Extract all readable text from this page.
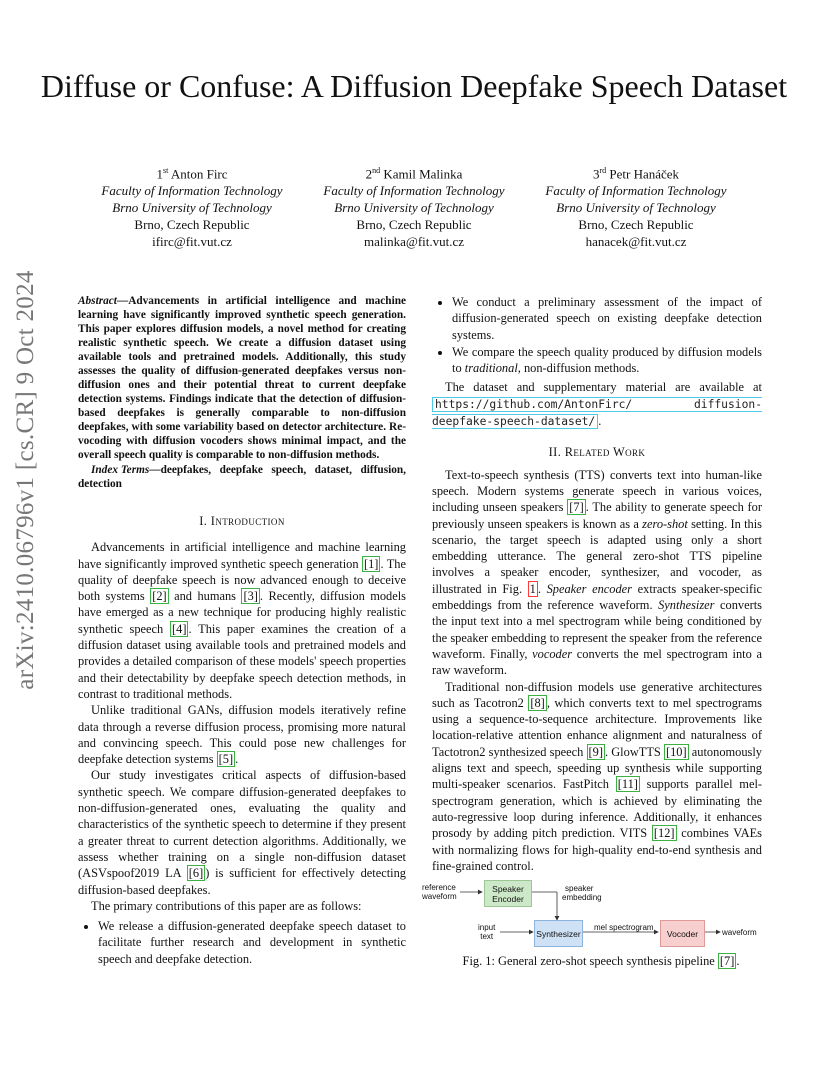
arXiv:2410.06796v1 [cs.CR] 9 Oct 2024
Diffuse or Confuse: A Diffusion Deepfake Speech Dataset
1st Anton Firc
Faculty of Information Technology
Brno University of Technology
Brno, Czech Republic
ifirc@fit.vut.cz
2nd Kamil Malinka
Faculty of Information Technology
Brno University of Technology
Brno, Czech Republic
malinka@fit.vut.cz
3rd Petr Hanáček
Faculty of Information Technology
Brno University of Technology
Brno, Czech Republic
hanacek@fit.vut.cz
Abstract—Advancements in artificial intelligence and machine learning have significantly improved synthetic speech generation. This paper explores diffusion models, a novel method for creating realistic synthetic speech. We create a diffusion dataset using available tools and pretrained models. Additionally, this study assesses the quality of diffusion-generated deepfakes versus non-diffusion ones and their potential threat to current deepfake detection systems. Findings indicate that the detection of diffusion-based deepfakes is generally comparable to non-diffusion deepfakes, with some variability based on detector architecture. Re-vocoding with diffusion vocoders shows minimal impact, and the overall speech quality is comparable to non-diffusion methods.
Index Terms—deepfakes, deepfake speech, dataset, diffusion, detection
I. Introduction

Advancements in artificial intelligence and machine learning have significantly improved synthetic speech generation [1] . The quality of deepfake speech is now advanced enough to deceive both systems [2] and humans [3] . Recently, diffusion models have emerged as a new technique for producing highly realistic synthetic speech [4] . This paper examines the creation of a diffusion dataset using available tools and pretrained models and provides a detailed comparison of these models' speech properties and their detectability by deepfake speech detection methods, in contrast to traditional methods.

Unlike traditional GANs, diffusion models iteratively refine data through a reverse diffusion process, promising more natural and convincing speech. This could pose new challenges for deepfake detection systems [5] .

Our study investigates critical aspects of diffusion-based synthetic speech. We compare diffusion-generated deepfakes to non-diffusion-generated ones, evaluating the quality and characteristics of the synthetic speech to determine if they present a greater threat to current detection algorithms. Additionally, we assess whether training on a single non-diffusion dataset (ASVspoof2019 LA [6] ) is sufficient for effectively detecting diffusion-based deepfakes.

The primary contributions of this paper are as follows:

• We release a diffusion-generated deepfake speech dataset to facilitate further research and development in synthetic speech and deepfake detection.
• We conduct a preliminary assessment of the impact of diffusion-generated speech on existing deepfake detection systems.
• We compare the speech quality produced by diffusion models to traditional, non-diffusion methods.

The dataset and supplementary material are available at https://github.com/AntonFirc/ diffusion-deepfake-speech-dataset/ .

II. Related Work

Text-to-speech synthesis (TTS) converts text into human-like speech. Modern systems generate speech in various voices, including unseen speakers [7] . The ability to generate speech for previously unseen speakers is known as a zero-shot setting. In this scenario, the target speech is adapted using only a short embedding utterance. The general zero-shot TTS pipeline involves a speaker encoder, synthesizer, and vocoder, as illustrated in Fig. 1 . Speaker encoder extracts speaker-specific embeddings from the reference waveform. Synthesizer converts the input text into a mel spectrogram while being conditioned by the speaker embedding to represent the speaker from the reference waveform. Finally, vocoder converts the mel spectrogram into a raw waveform.

Traditional non-diffusion models use generative architectures such as Tacotron2 [8] , which converts text to mel spectrograms using a sequence-to-sequence architecture. Improvements like location-relative attention enhance alignment and naturalness of Tactotron2 synthesized speech [9] . GlowTTS [10] autonomously aligns text and speech, speeding up synthesis while supporting multi-speaker scenarios. FastPitch [11] supports parallel mel-spectrogram generation, which is achieved by eliminating the auto-regressive loop during inference. Additionally, it enhances prosody by adding pitch prediction. VITS [12] combines VAEs with normalizing flows for high-quality end-to-end synthesis and fine-grained control.

reference
waveform
Speaker
Encoder
speaker
embedding
input
text	Synthesizer
mel spectrogram
Vocoder	waveform
Fig. 1: General zero-shot speech synthesis pipeline [7] .
